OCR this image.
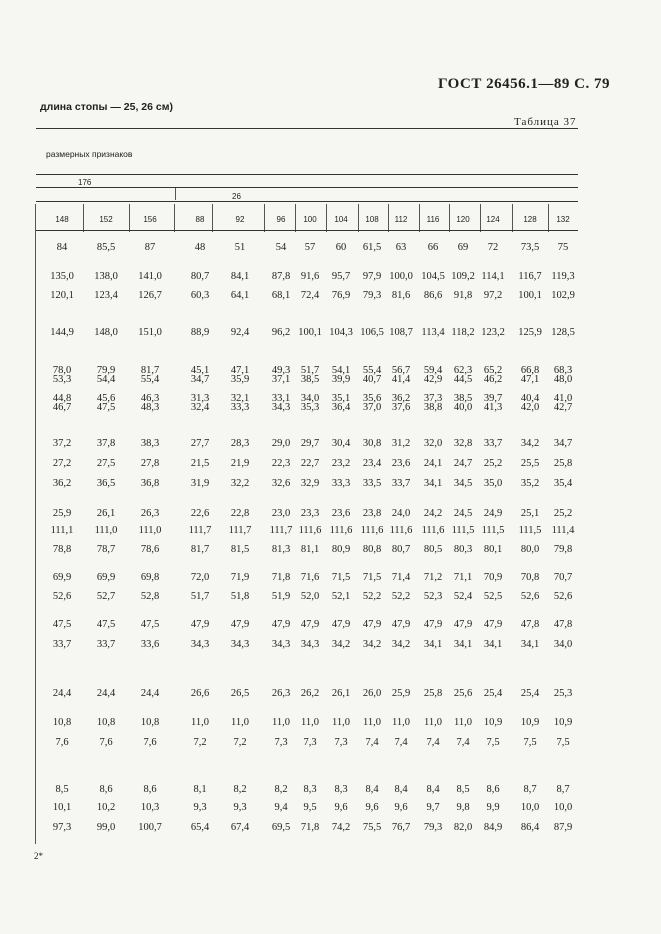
ГОСТ 26456.1—89 С. 79
длина стопы — 25, 26 см)
Таблица 37
размерных признаков
176
26
148	152	156	88	92	96	100	104	108	112	116	120	124	128	132
84	85,5	87	48	51	54	57	60	61,5	63	66	69	72	73,5	75
135,0	138,0	141,0	80,7	84,1	87,8	91,6	95,7	97,9 100,0 104,5 109,2 114,1	116,7 119,3
120,1	123,4	126,7	60,3	64,1	68,1	72,4	76,9	79,3	81,6	86,6	91,8	97,2	100,1 102,9
144,9	148,0	151,0	88,9	92,4	96,2 100,1 104,3 106,5 108,7 113,4 118,2 123,2	125,9 128,5
78,0	79,9	81,7	45,1	47,1	49,3	51,7	54,1	55,4	56,7	59,4	62,3	65,2	66,8	68,3
53,3	54,4	55,4	34,7	35,9	37,1	38,5	39,9	40,7	41,4	42,9	44,5	46,2	47,1	48,0
44,8	45,6	46,3	31,3	32,1	33,1	34,0	35,1	35,6	36,2	37,3	38,5	39,7	40,4	41,0
46,7	47,5	48,3	32,4	33,3	34,3	35,3	36,4	37,0	37,6	38,8	40,0	41,3	42,0	42,7
37,2	37,8	38,3	27,7	28,3	29,0	29,7	30,4	30,8	31,2	32,0	32,8	33,7	34,2	34,7
27,2	27,5	27,8	21,5	21,9	22,3	22,7	23,2	23,4	23,6	24,1	24,7	25,2	25,5	25,8
36,2	36,5	36,8	31,9	32,2	32,6	32,9	33,3	33,5	33,7	34,1	34,5	35,0	35,2	35,4
25,9	26,1	26,3	22,6	22,8	23,0	23,3	23,6	23,8	24,0	24,2	24,5	24,9	25,1	25,2
111,1	111,0	111,0	111,7	111,7	111,7 111,6 111,6 111,6 111,6 111,6 111,5 111,5	111,5 111,4
78,8	78,7	78,6	81,7	81,5	81,3	81,1	80,9	80,8	80,7	80,5	80,3	80,1	80,0	79,8
69,9	69,9	69,8	72,0	71,9	71,8	71,6	71,5	71,5	71,4	71,2	71,1	70,9	70,8	70,7
52,6	52,7	52,8	51,7	51,8	51,9	52,0	52,1	52,2	52,2	52,3	52,4	52,5	52,6	52,6
47,5	47,5	47,5	47,9	47,9	47,9	47,9	47,9	47,9	47,9	47,9	47,9	47,9	47,8	47,8
33,7	33,7	33,6	34,3	34,3	34,3	34,3	34,2	34,2	34,2	34,1	34,1	34,1	34,1	34,0
24,4	24,4	24,4	26,6	26,5	26,3	26,2	26,1	26,0	25,9	25,8	25,6	25,4	25,4	25,3
10,8	10,8	10,8	11,0	11,0	11,0	11,0	11,0	11,0	11,0	11,0	11,0	10,9	10,9	10,9
7,6	7,6	7,6	7,2	7,2	7,3	7,3	7,3	7,4	7,4	7,4	7,4	7,5	7,5	7,5
8,5	8,6	8,6	8,1	8,2	8,2	8,3	8,3	8,4	8,4	8,4	8,5	8,6	8,7	8,7
10,1	10,2	10,3	9,3	9,3	9,4	9,5	9,6	9,6	9,6	9,7	9,8	9,9	10,0	10,0
97,3	99,0	100,7	65,4	67,4	69,5	71,8	74,2	75,5	76,7	79,3	82,0	84,9	86,4	87,9
2*
